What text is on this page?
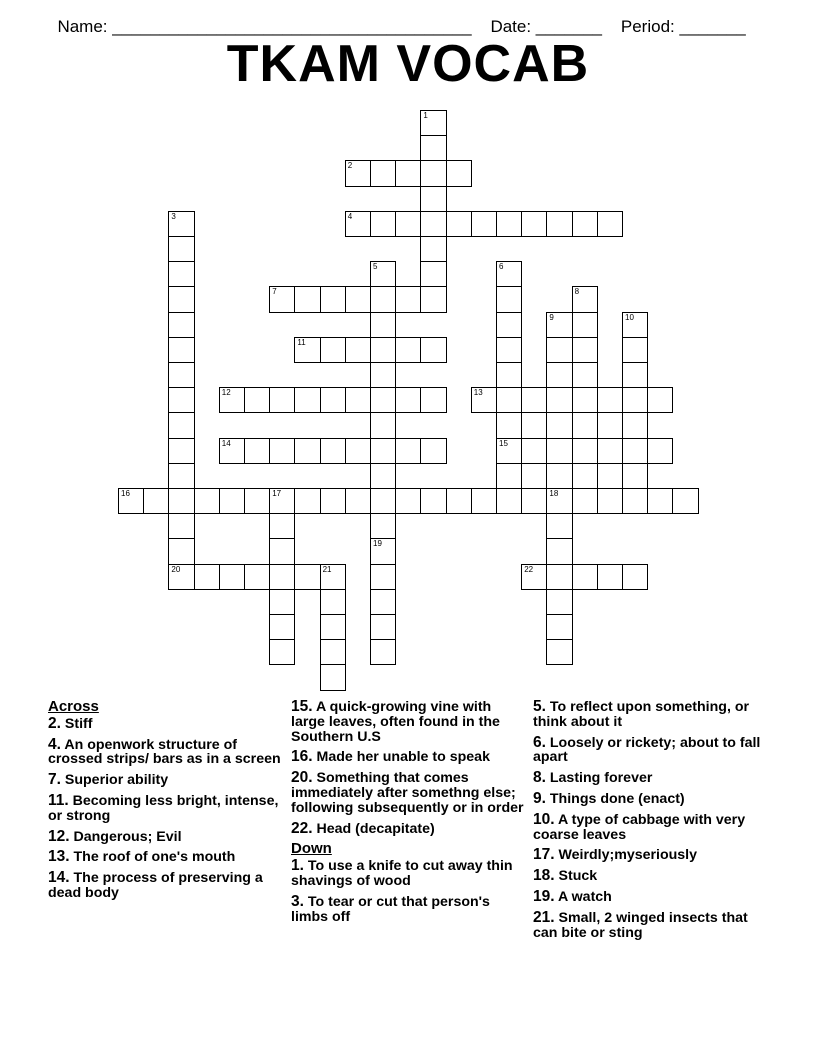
Name: ______________________________________ Date: _______ Period: _______

TKAM VOCAB
1
2
3	4
5
19
6
15
7	8
9
18
10
11
12	13
14
16	17
20	21	22
Across
2. Stiff
4. An openwork structure of crossed strips/ bars as in a screen
7. Superior ability
11. Becoming less bright, intense, or strong
12. Dangerous; Evil
13. The roof of one's mouth
14. The process of preserving a dead body
15. A quick-growing vine with large leaves, often found in the Southern U.S
16. Made her unable to speak
20. Something that comes immediately after somethng else; following subsequently or in order
22. Head (decapitate)
Down
1. To use a knife to cut away thin shavings of wood
3. To tear or cut that person's limbs off
5. To reflect upon something, or think about it
6. Loosely or rickety; about to fall apart
8. Lasting forever
9. Things done (enact)
10. A type of cabbage with very coarse leaves
17. Weirdly;myseriously
18. Stuck
19. A watch
21. Small, 2 winged insects that can bite or sting
